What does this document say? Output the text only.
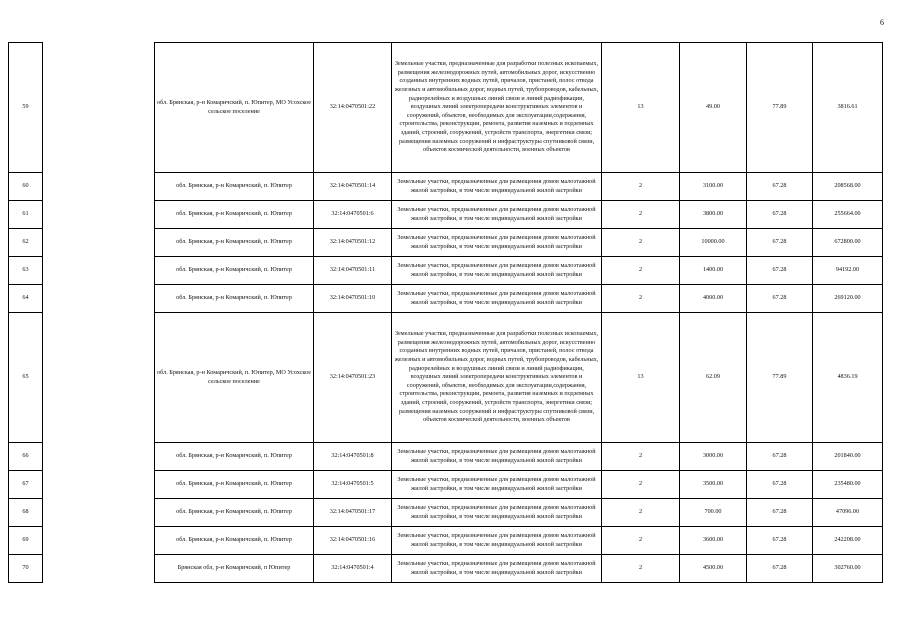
6
59		обл. Брянская, р-н Комаричский, п. Юпитер, МО Усохское сельское поселение	32:14:0470501:22	Земельные участки, предназначенные для разработки полезных ископаемых, размещения железнодорожных путей, автомобильных дорог, искусственно созданных внутренних водных путей, причалов, пристаней, полос отвода железных и автомобильных дорог, водных путей, трубопроводов, кабельных, радиорелейных и воздушных линий связи и линий радиофикации, воздушных линий электропередачи конструктивных элементов и сооружений, объектов, необходимых для эксплуатации,содержания, строительства, реконструкции, ремонта, развития наземных и подземных зданий, строений, сооружений, устройств транспорта, энергетики связи; размещения наземных сооружений и инфраструктуры спутниковой связи, объектов космической деятельности, военных объектов	13	49.00	77.89	3816.61
60		обл. Брянская, р-н Комаричский, п. Юпитер	32:14:0470501:14	Земельные участки, предназначенные для размещения домов малоэтажной жилой застройки, в том числе индивидуальной жилой застройки	2	3100.00	67.28	208568.00
61		обл. Брянская, р-н Комаричский, п. Юпитер	32:14:0470501:6	Земельные участки, предназначенные для размещения домов малоэтажной жилой застройки, в том числе индивидуальной жилой застройки	2	3800.00	67.28	255664.00
62		обл. Брянская, р-н Комаричский, п. Юпитер	32:14:0470501:12	Земельные участки, предназначенные для размещения домов малоэтажной жилой застройки, в том числе индивидуальной жилой застройки	2	10000.00	67.28	672800.00
63		обл. Брянская, р-н Комаричский, п. Юпитер	32:14:0470501:11	Земельные участки, предназначенные для размещения домов малоэтажной жилой застройки, в том числе индивидуальной жилой застройки	2	1400.00	67.28	94192.00
64		обл. Брянская, р-н Комаричский, п. Юпитер	32:14:0470501:10	Земельные участки, предназначенные для размещения домов малоэтажной жилой застройки, в том числе индивидуальной жилой застройки	2	4000.00	67.28	269120.00
65		обл. Брянская, р-н Комаричский, п. Юпитер, МО Усохское сельское поселение	32:14:0470501:23	Земельные участки, предназначенные для разработки полезных ископаемых, размещения железнодорожных путей, автомобильных дорог, искусственно созданных внутренних водных путей, причалов, пристаней, полос отвода железных и автомобильных дорог, водных путей, трубопроводов, кабельных, радиорелейных и воздушных линий связи и линий радиофикации, воздушных линий электропередачи конструктивных элементов и сооружений, объектов, необходимых для эксплуатации,содержания, строительства, реконструкции, ремонта, развития наземных и подземных зданий, строений, сооружений, устройств транспорта, энергетики связи; размещения наземных сооружений и инфраструктуры спутниковой связи, объектов космической деятельности, военных объектов	13	62.09	77.89	4836.19
66		обл. Брянская, р-н Комаричский, п. Юпитер	32:14:0470501:8	Земельные участки, предназначенные для размещения домов малоэтажной жилой застройки, в том числе индивидуальной жилой застройки	2	3000.00	67.28	201840.00
67		обл. Брянская, р-н Комаричский, п. Юпитер	32:14:0470501:5	Земельные участки, предназначенные для размещения домов малоэтажной жилой застройки, в том числе индивидуальной жилой застройки	2	3500.00	67.28	235480.00
68		обл. Брянская, р-н Комаричский, п. Юпитер	32:14:0470501:17	Земельные участки, предназначенные для размещения домов малоэтажной жилой застройки, в том числе индивидуальной жилой застройки	2	700.00	67.28	47096.00
69		обл. Брянская, р-н Комаричский, п. Юпитер	32:14:0470501:16	Земельные участки, предназначенные для размещения домов малоэтажной жилой застройки, в том числе индивидуальной жилой застройки	2	3600.00	67.28	242208.00
70		Брянская обл, р-н Комаричский, п Юпитер	32:14:0470501:4	Земельные участки, предназначенные для размещения домов малоэтажной жилой застройки, в том числе индивидуальной жилой застройки	2	4500.00	67.28	302760.00
